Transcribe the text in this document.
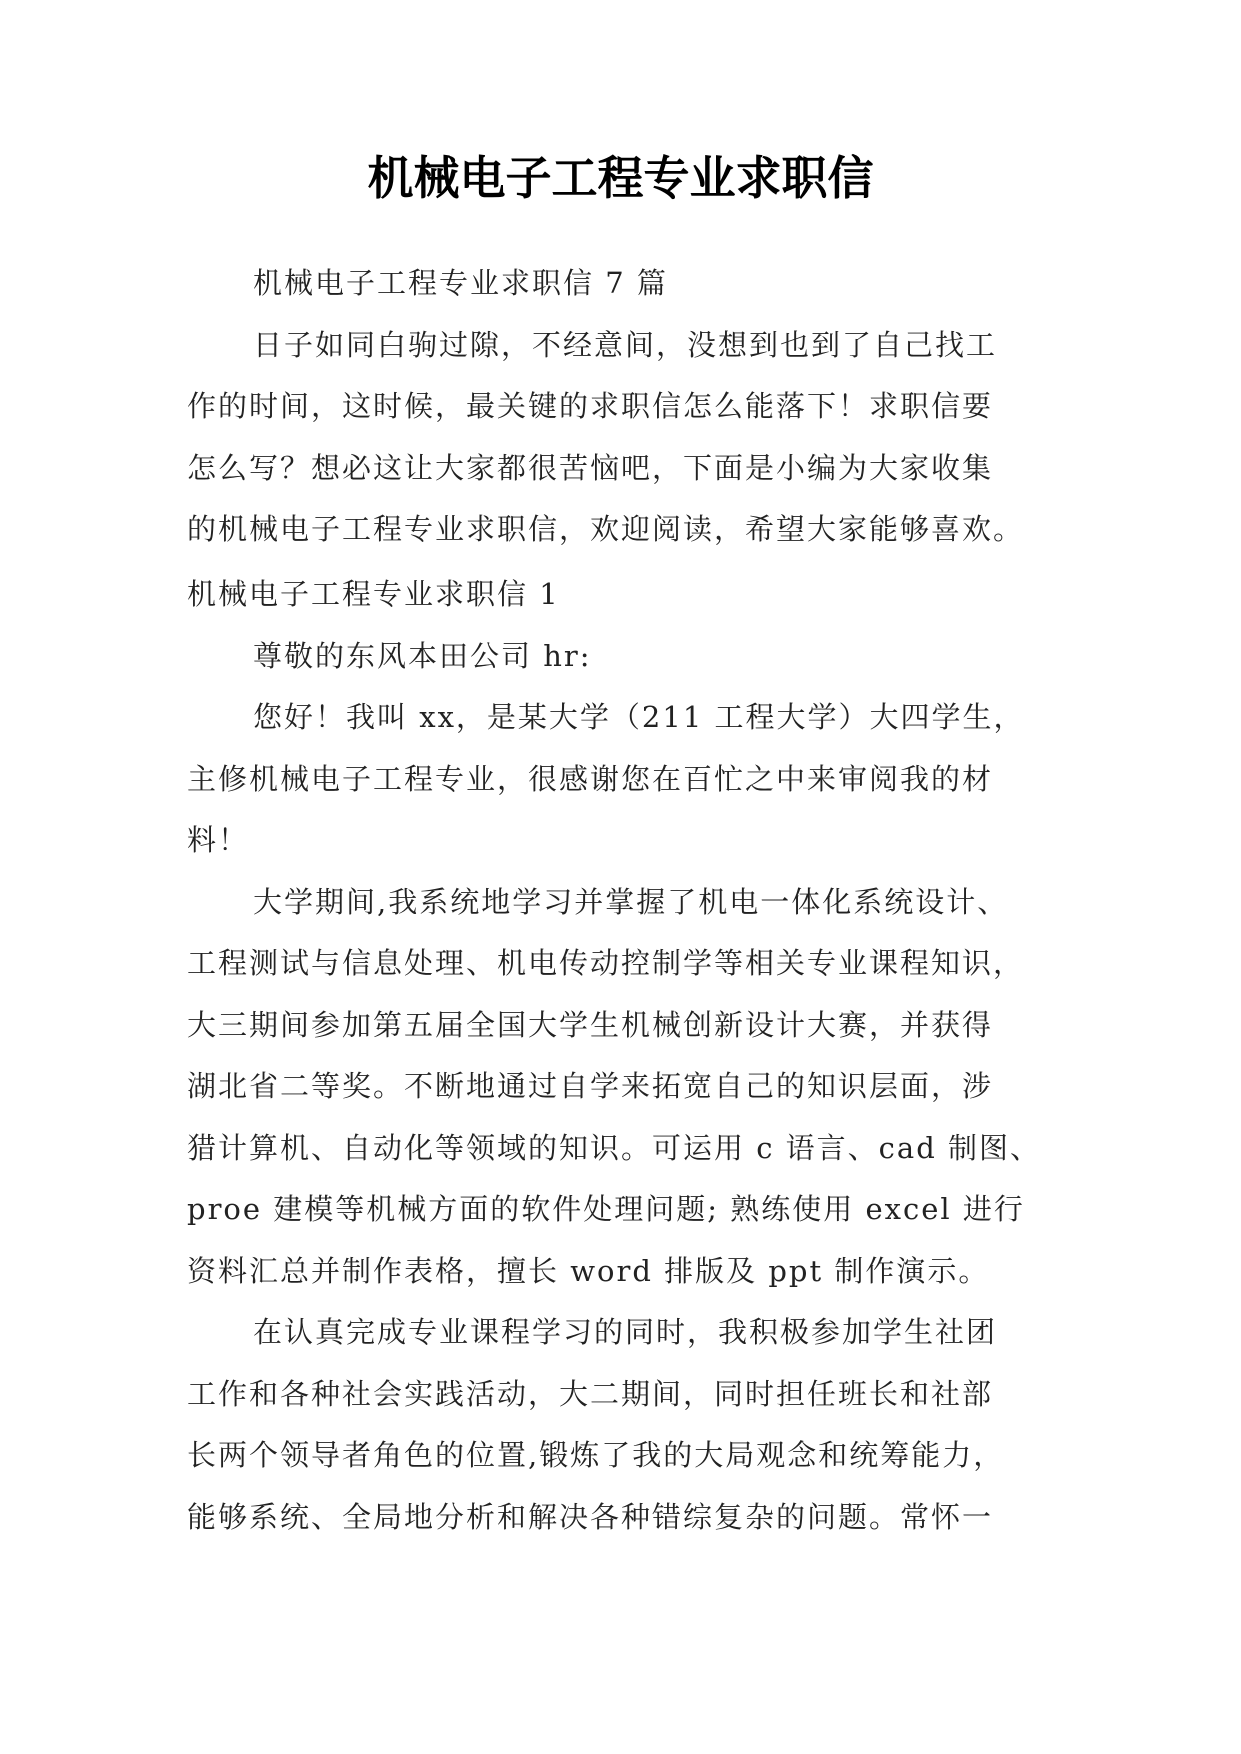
机械电子工程专业求职信
机械电子工程专业求职信 7 篇
日子如同白驹过隙，不经意间，没想到也到了自己找工
作的时间，这时候，最关键的求职信怎么能落下！求职信要
怎么写？想必这让大家都很苦恼吧，下面是小编为大家收集
的机械电子工程专业求职信，欢迎阅读，希望大家能够喜欢。
机械电子工程专业求职信 1
尊敬的东风本田公司 hr:
您好！我叫 xx，是某大学（211 工程大学）大四学生，
主修机械电子工程专业，很感谢您在百忙之中来审阅我的材
料！
大学期间,我系统地学习并掌握了机电一体化系统设计、
工程测试与信息处理、机电传动控制学等相关专业课程知识，
大三期间参加第五届全国大学生机械创新设计大赛，并获得
湖北省二等奖。不断地通过自学来拓宽自己的知识层面，涉
猎计算机、自动化等领域的知识。可运用 c 语言、cad 制图、
proe 建模等机械方面的软件处理问题; 熟练使用 excel 进行
资料汇总并制作表格，擅长 word 排版及 ppt 制作演示。
在认真完成专业课程学习的同时，我积极参加学生社团
工作和各种社会实践活动，大二期间，同时担任班长和社部
长两个领导者角色的位置,锻炼了我的大局观念和统筹能力，
能够系统、全局地分析和解决各种错综复杂的问题。常怀一
